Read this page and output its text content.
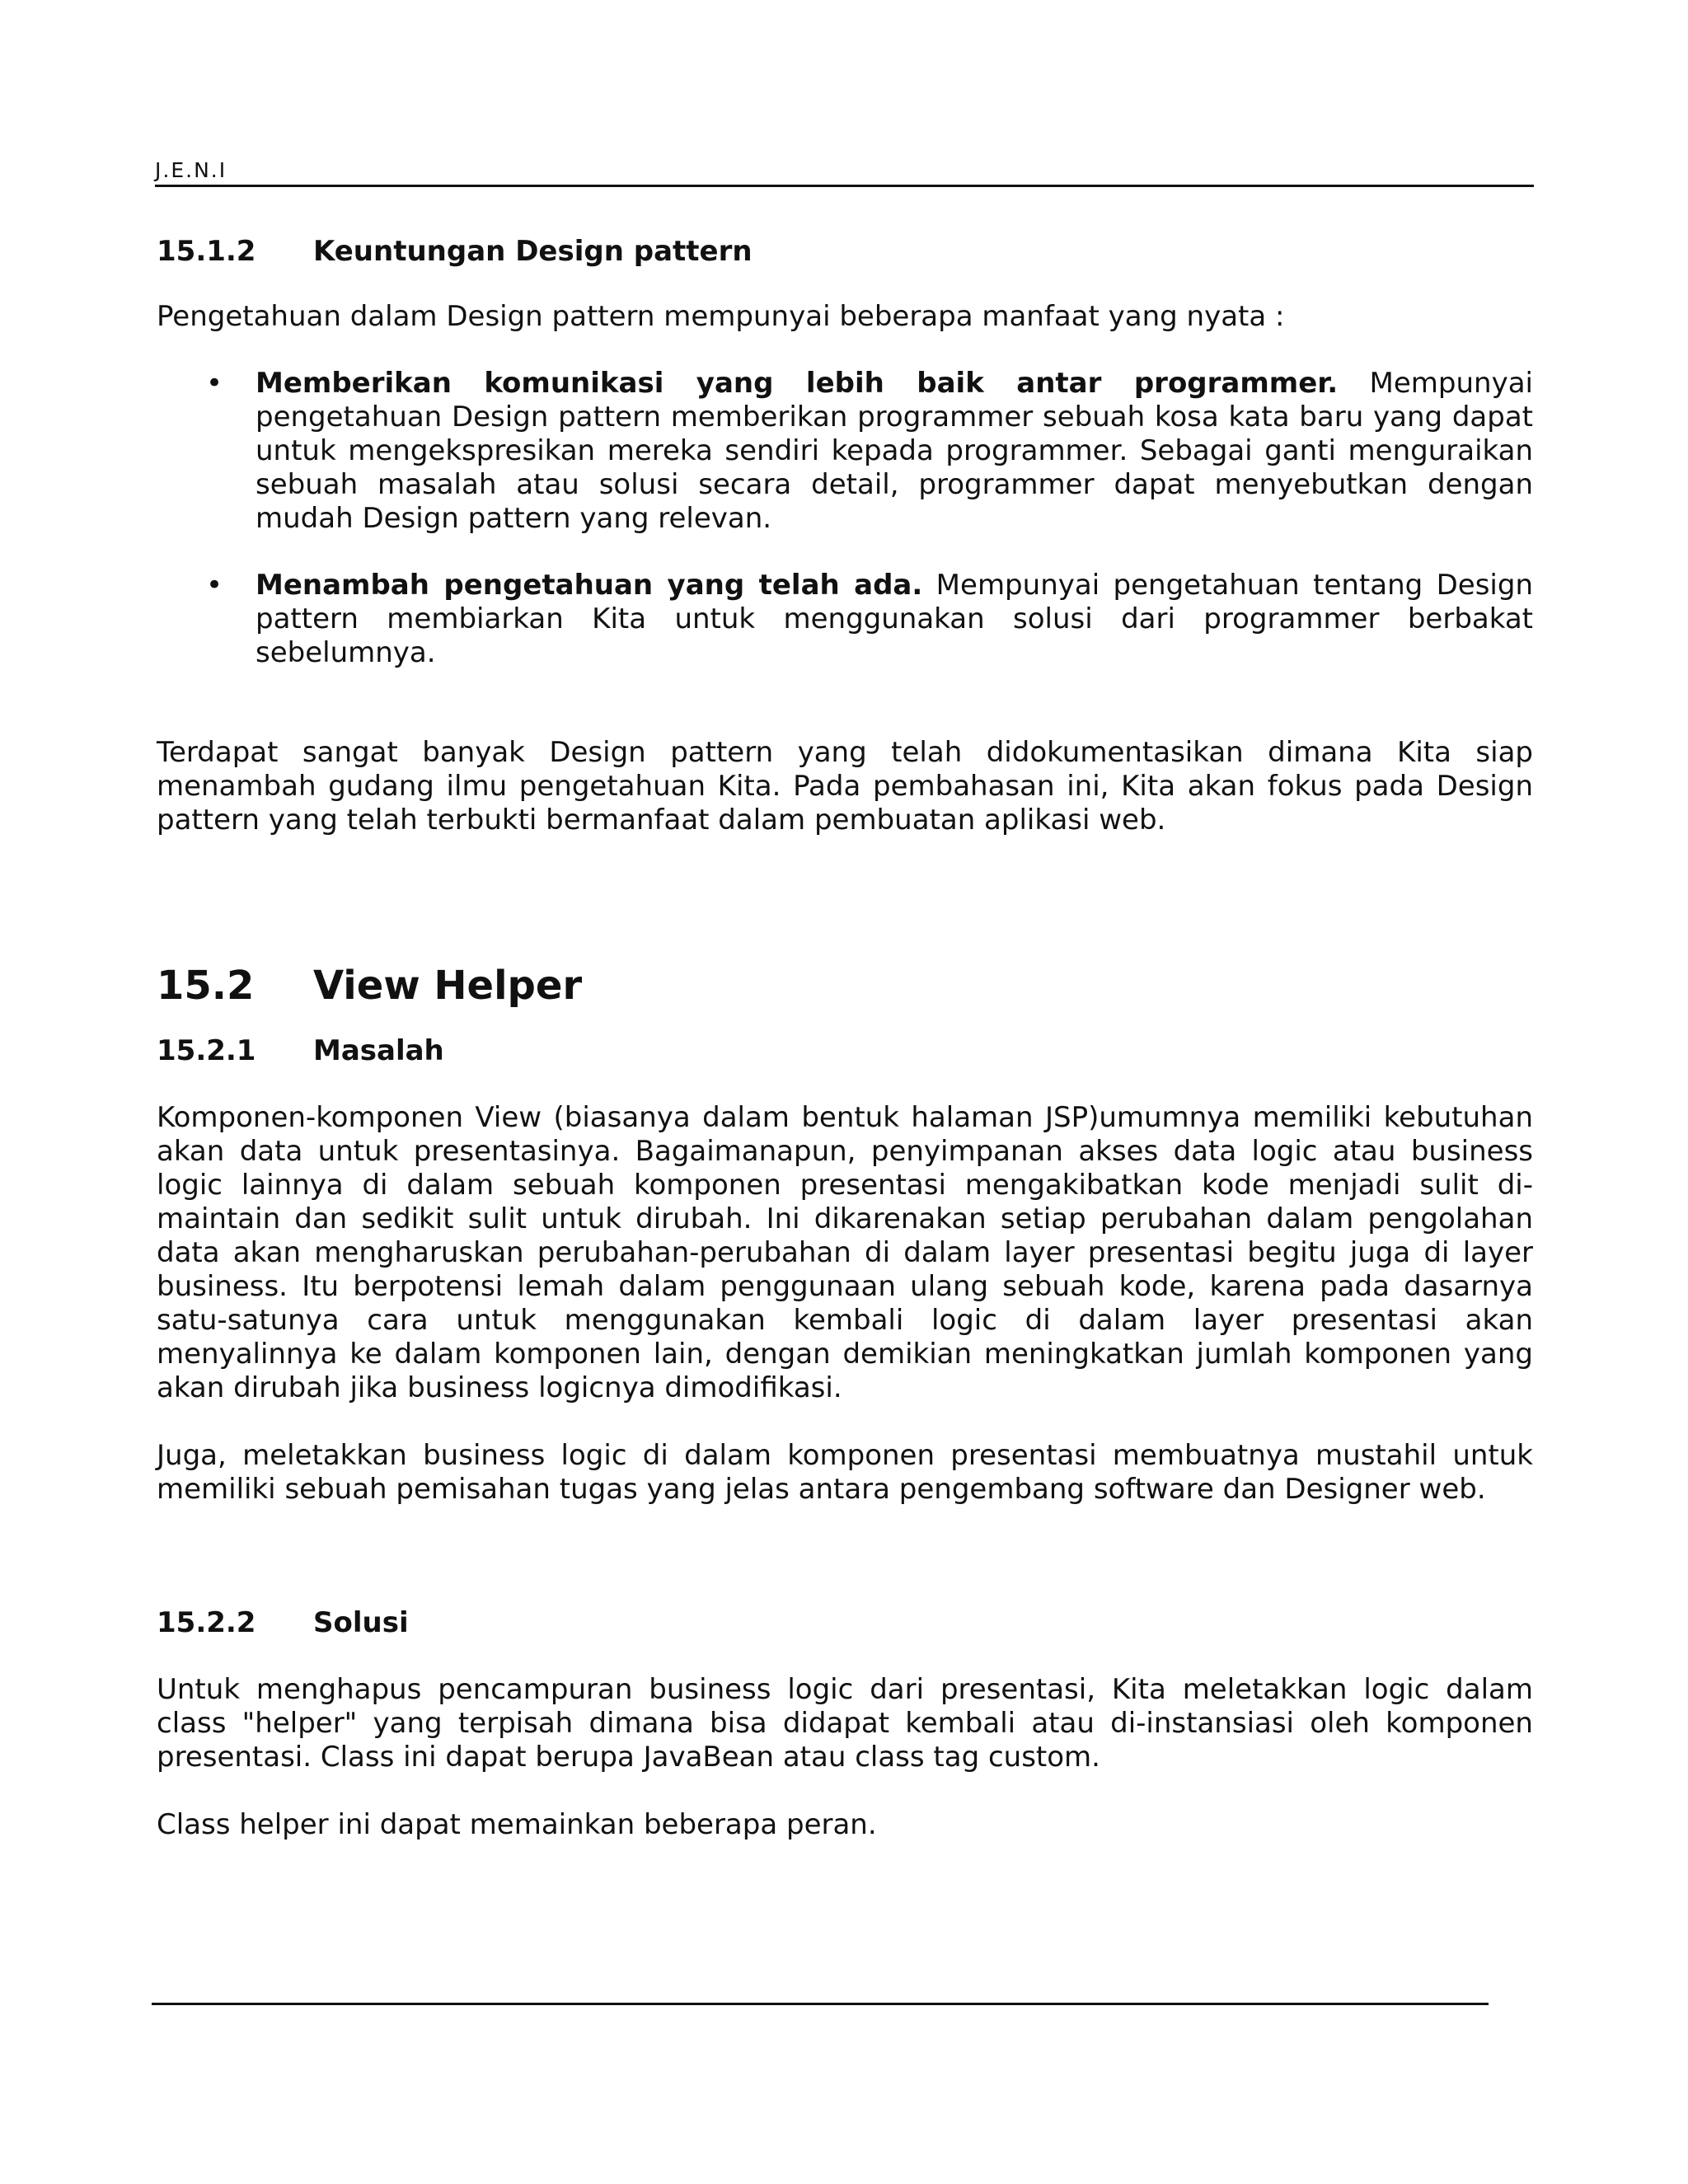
J.E.N.I
15.1.2	Keuntungan Design pattern

Pengetahuan dalam Design pattern mempunyai beberapa manfaat yang nyata :

• Memberikan komunikasi yang lebih baik antar programmer. Mempunyai pengetahuan Design pattern memberikan programmer sebuah kosa kata baru yang dapat untuk mengekspresikan mereka sendiri kepada programmer. Sebagai ganti menguraikan sebuah masalah atau solusi secara detail, programmer dapat menyebutkan dengan mudah Design pattern yang relevan.
• Menambah pengetahuan yang telah ada. Mempunyai pengetahuan tentang Design pattern membiarkan Kita untuk menggunakan solusi dari programmer berbakat sebelumnya.

Terdapat sangat banyak Design pattern yang telah didokumentasikan dimana Kita siap menambah gudang ilmu pengetahuan Kita. Pada pembahasan ini, Kita akan fokus pada Design pattern yang telah terbukti bermanfaat dalam pembuatan aplikasi web.

15.2	View Helper
15.2.1	Masalah

Komponen-komponen View (biasanya dalam bentuk halaman JSP)umumnya memiliki kebutuhan akan data untuk presentasinya. Bagaimanapun, penyimpanan akses data logic atau business logic lainnya di dalam sebuah komponen presentasi mengakibatkan kode menjadi sulit di-maintain dan sedikit sulit untuk dirubah. Ini dikarenakan setiap perubahan dalam pengolahan data akan mengharuskan perubahan-perubahan di dalam layer presentasi begitu juga di layer business. Itu berpotensi lemah dalam penggunaan ulang sebuah kode, karena pada dasarnya satu-satunya cara untuk menggunakan kembali logic di dalam layer presentasi akan menyalinnya ke dalam komponen lain, dengan demikian meningkatkan jumlah komponen yang akan dirubah jika business logicnya dimodifikasi.

Juga, meletakkan business logic di dalam komponen presentasi membuatnya mustahil untuk memiliki sebuah pemisahan tugas yang jelas antara pengembang software dan Designer web.

15.2.2	Solusi

Untuk menghapus pencampuran business logic dari presentasi, Kita meletakkan logic dalam class "helper" yang terpisah dimana bisa didapat kembali atau di-instansiasi oleh komponen presentasi. Class ini dapat berupa JavaBean atau class tag custom.

Class helper ini dapat memainkan beberapa peran.
